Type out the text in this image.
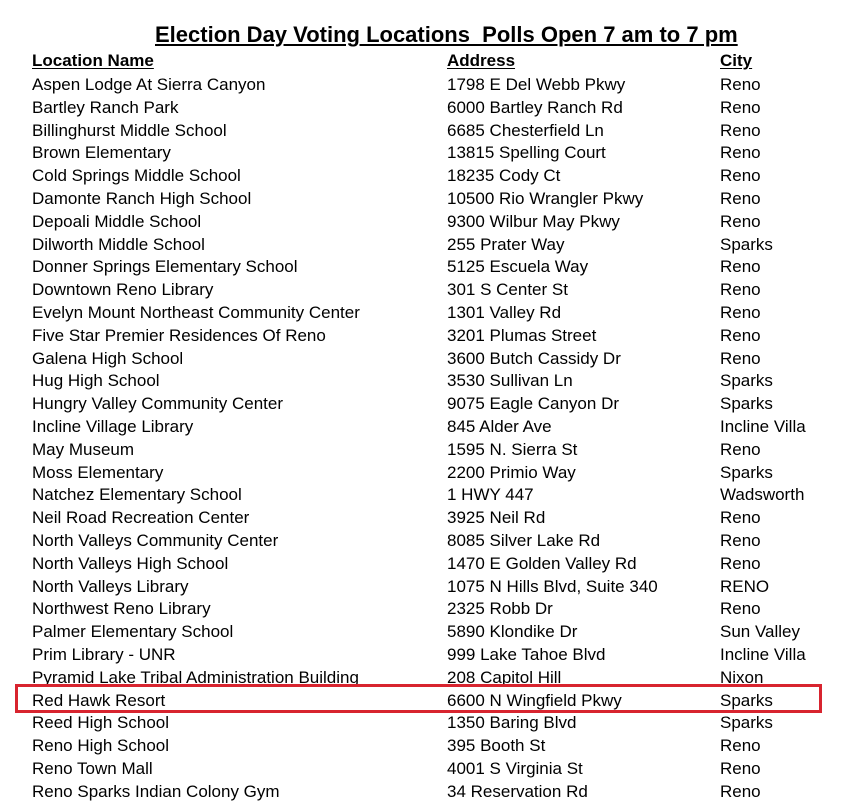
Election Day Voting Locations  Polls Open 7 am to 7 pm
Location Name	Address	City
Aspen Lodge At Sierra Canyon	1798 E Del Webb Pkwy	Reno
Bartley Ranch Park	6000 Bartley Ranch Rd	Reno
Billinghurst Middle School	6685 Chesterfield Ln	Reno
Brown Elementary	13815 Spelling Court	Reno
Cold Springs Middle School	18235 Cody Ct	Reno
Damonte Ranch High School	10500 Rio Wrangler Pkwy	Reno
Depoali Middle School	9300 Wilbur May Pkwy	Reno
Dilworth Middle School	255 Prater Way	Sparks
Donner Springs Elementary School	5125 Escuela Way	Reno
Downtown Reno Library	301 S Center St	Reno
Evelyn Mount Northeast Community Center	1301 Valley Rd	Reno
Five Star Premier Residences Of Reno	3201 Plumas Street	Reno
Galena High School	3600 Butch Cassidy Dr	Reno
Hug High School	3530 Sullivan Ln	Sparks
Hungry Valley Community Center	9075 Eagle Canyon Dr	Sparks
Incline Village Library	845 Alder Ave	Incline Villa
May Museum	1595 N. Sierra St	Reno
Moss Elementary	2200 Primio Way	Sparks
Natchez Elementary School	1 HWY 447	Wadsworth
Neil Road Recreation Center	3925 Neil Rd	Reno
North Valleys Community Center	8085 Silver Lake Rd	Reno
North Valleys High School	1470 E Golden Valley Rd	Reno
North Valleys Library	1075 N Hills Blvd, Suite 340	RENO
Northwest Reno Library	2325 Robb Dr	Reno
Palmer Elementary School	5890 Klondike Dr	Sun Valley
Prim Library - UNR	999 Lake Tahoe Blvd	Incline Villa
Pyramid Lake Tribal Administration Building	208 Capitol Hill	Nixon
Red Hawk Resort	6600 N Wingfield Pkwy	Sparks
Reed High School	1350 Baring Blvd	Sparks
Reno High School	395 Booth St	Reno
Reno Town Mall	4001 S Virginia St	Reno
Reno Sparks Indian Colony Gym	34 Reservation Rd	Reno
